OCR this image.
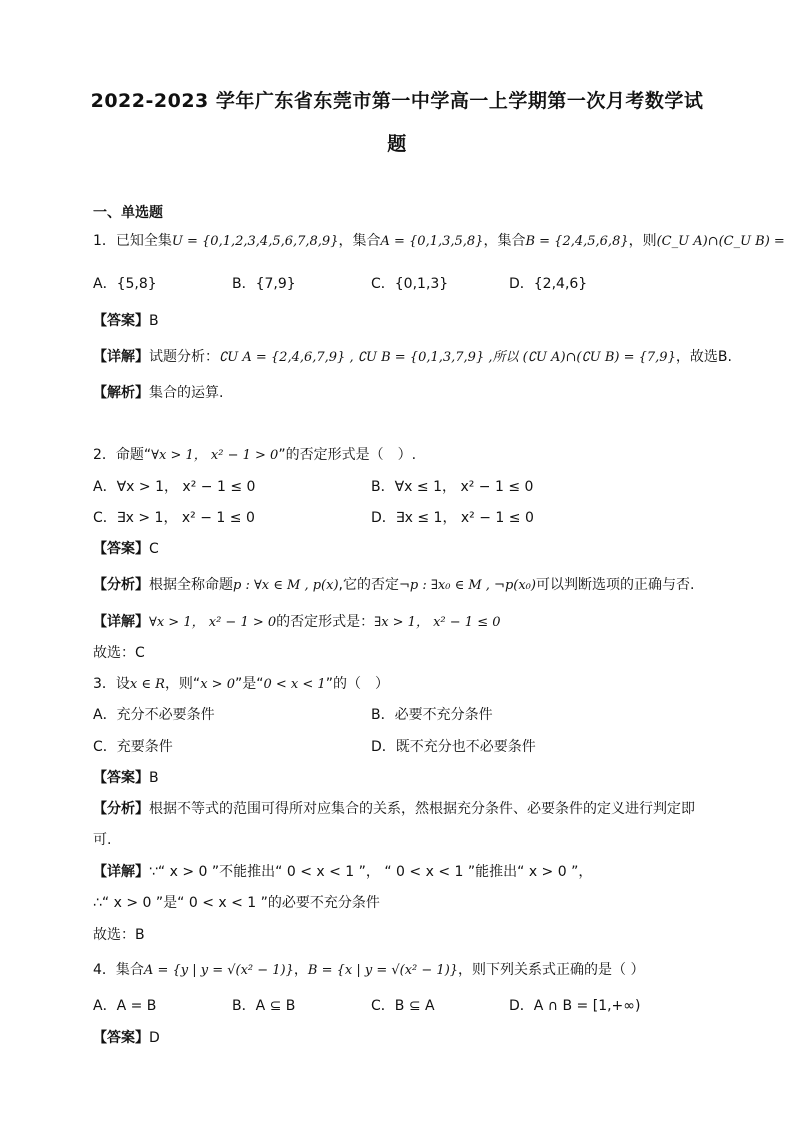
2022-2023 学年广东省东莞市第一中学高一上学期第一次月考数学试
题
一、单选题
1．已知全集U = {0,1,2,3,4,5,6,7,8,9}，集合A = {0,1,3,5,8}，集合B = {2,4,5,6,8}，则(C_U A)∩(C_U B) =
A．{5,8}	B．{7,9}	C．{0,1,3}	D．{2,4,6}
【答案】B
【详解】试题分析：∁U A = {2,4,6,7,9} , ∁U B = {0,1,3,7,9} ,所以 (∁U A)∩(∁U B) = {7,9}，故选B.
【解析】集合的运算.
2．命题“∀x > 1， x² − 1 > 0”的否定形式是（　）.
A．∀x > 1， x² − 1 ≤ 0	B．∀x ≤ 1， x² − 1 ≤ 0
C．∃x > 1， x² − 1 ≤ 0	D．∃x ≤ 1， x² − 1 ≤ 0
【答案】C
【分析】根据全称命题p : ∀x ∈ M , p(x),它的否定¬p : ∃x₀ ∈ M , ¬p(x₀)可以判断选项的正确与否.
【详解】∀x > 1， x² − 1 > 0的否定形式是：∃x > 1， x² − 1 ≤ 0
故选：C
3．设x ∈ R，则“x > 0”是“0 < x < 1”的（　）
A．充分不必要条件	B．必要不充分条件
C．充要条件	D．既不充分也不必要条件
【答案】B
【分析】根据不等式的范围可得所对应集合的关系，然根据充分条件、必要条件的定义进行判定即
可.
【详解】∵“ x > 0 ”不能推出“ 0 < x < 1 ”， “ 0 < x < 1 ”能推出“ x > 0 ”，
∴“ x > 0 ”是“ 0 < x < 1 ”的必要不充分条件
故选：B
4．集合A = {y | y = √(x² − 1)}，B = {x | y = √(x² − 1)}，则下列关系式正确的是（ ）
A．A = B	B．A ⊆ B	C．B ⊆ A	D．A ∩ B = [1,+∞)
【答案】D
